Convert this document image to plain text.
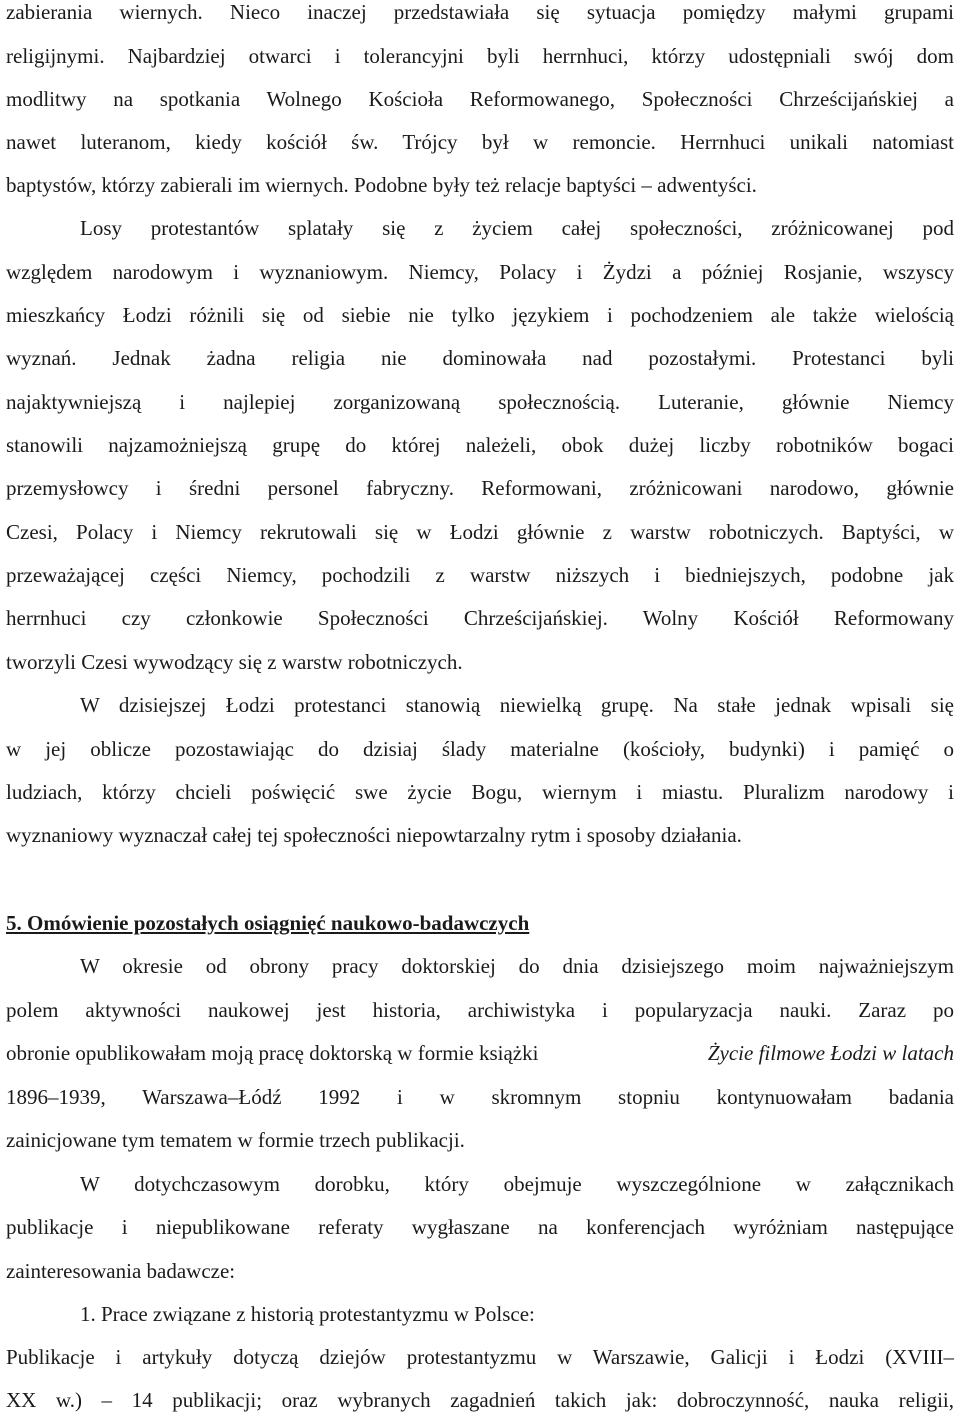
zabierania wiernych. Nieco inaczej przedstawiała się sytuacja pomiędzy małymi grupami
religijnymi. Najbardziej otwarci i tolerancyjni byli herrnhuci, którzy udostępniali swój dom
modlitwy na spotkania Wolnego Kościoła Reformowanego, Społeczności Chrześcijańskiej a
nawet luteranom, kiedy kościół św. Trójcy był w remoncie. Herrnhuci unikali natomiast
baptystów, którzy zabierali im wiernych. Podobne były też relacje baptyści – adwentyści.
Losy protestantów splatały się z życiem całej społeczności, zróżnicowanej pod
względem narodowym i wyznaniowym. Niemcy, Polacy i Żydzi a później Rosjanie, wszyscy
mieszkańcy Łodzi różnili się od siebie nie tylko językiem i pochodzeniem ale także wielością
wyznań. Jednak żadna religia nie dominowała nad pozostałymi. Protestanci byli
najaktywniejszą i najlepiej zorganizowaną społecznością. Luteranie, głównie Niemcy
stanowili najzamożniejszą grupę do której należeli, obok dużej liczby robotników bogaci
przemysłowcy i średni personel fabryczny. Reformowani, zróżnicowani narodowo, głównie
Czesi, Polacy i Niemcy rekrutowali się w Łodzi głównie z warstw robotniczych. Baptyści, w
przeważającej części Niemcy, pochodzili z warstw niższych i biedniejszych, podobne jak
herrnhuci czy członkowie Społeczności Chrześcijańskiej. Wolny Kościół Reformowany
tworzyli Czesi wywodzący się z warstw robotniczych.
W dzisiejszej Łodzi protestanci stanowią niewielką grupę. Na stałe jednak wpisali się
w jej oblicze pozostawiając do dzisiaj ślady materialne (kościoły, budynki) i pamięć o
ludziach, którzy chcieli poświęcić swe życie Bogu, wiernym i miastu. Pluralizm narodowy i
wyznaniowy wyznaczał całej tej społeczności niepowtarzalny rytm i sposoby działania.
5. Omówienie pozostałych osiągnięć naukowo-badawczych
W okresie od obrony pracy doktorskiej do dnia dzisiejszego moim najważniejszym
polem aktywności naukowej jest historia, archiwistyka i popularyzacja nauki. Zaraz po
obronie opublikowałam moją pracę doktorską w formie książki	Życie filmowe Łodzi w latach
1896–1939, Warszawa–Łódź 1992 i w skromnym stopniu kontynuowałam badania
zainicjowane tym tematem w formie trzech publikacji.
W dotychczasowym dorobku, który obejmuje wyszczególnione w załącznikach
publikacje i niepublikowane referaty wygłaszane na konferencjach wyróżniam następujące
zainteresowania badawcze:
1. Prace związane z historią protestantyzmu w Polsce:
Publikacje i artykuły dotyczą dziejów protestantyzmu w Warszawie, Galicji i Łodzi (XVIII–
XX w.) – 14 publikacji; oraz wybranych zagadnień takich jak: dobroczynność, nauka religii,
